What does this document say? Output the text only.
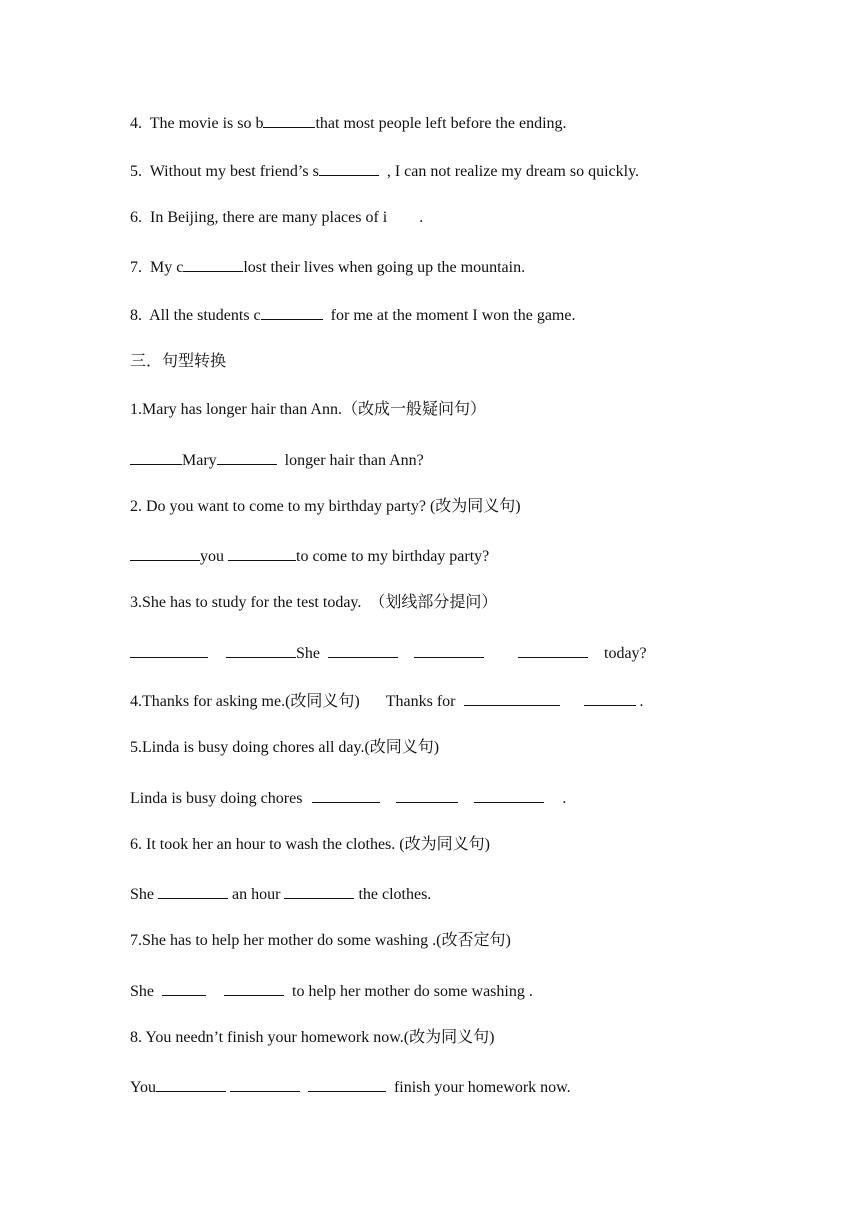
4.  The movie is so b	that most people left before the ending.
5.  Without my best friend’s s	, I can not realize my dream so quickly.
6.  In Beijing, there are many places of i        .
7.  My c	lost their lives when going up the mountain.
8.  All the students c	for me at the moment I won the game.
三．句型转换
1.Mary has longer hair than Ann.（改成一般疑问句）
Mary	longer hair than Ann?
2. Do you want to come to my birthday party? (改为同义句)
you	to come to my birthday party?
3.She has to study for the test today.  （划线部分提问）
She	today?
4.Thanks for asking me.(改同义句) Thanks for	.
5.Linda is busy doing chores all day.(改同义句)
Linda is busy doing chores	.
6. It took her an hour to wash the clothes. (改为同义句)
She	an hour	the clothes.
7.She has to help her mother do some washing .(改否定句)
She	to help her mother do some washing .
8. You needn’t finish your homework now.(改为同义句)
You	finish your homework now.
